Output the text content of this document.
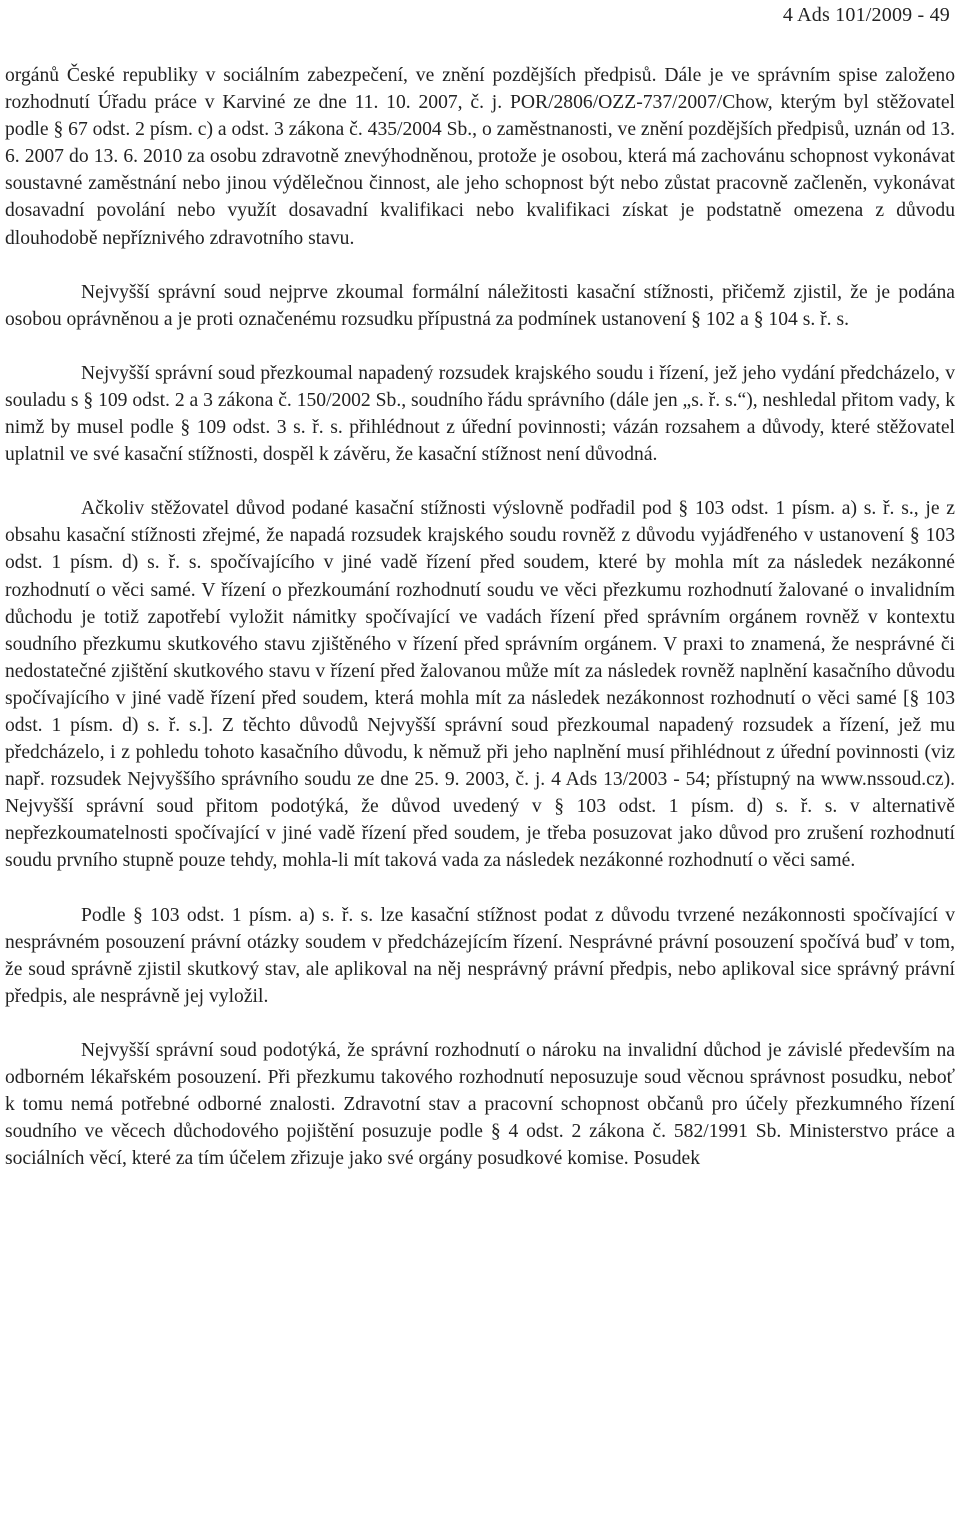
4 Ads 101/2009 - 49

orgánů České republiky v sociálním zabezpečení, ve znění pozdějších předpisů. Dále je ve správním spise založeno rozhodnutí Úřadu práce v Karviné ze dne 11. 10. 2007, č. j. POR/2806/OZZ-737/2007/Chow, kterým byl stěžovatel podle § 67 odst. 2 písm. c) a odst. 3 zákona č. 435/2004 Sb., o zaměstnanosti, ve znění pozdějších předpisů, uznán od 13. 6. 2007 do 13. 6. 2010 za osobu zdravotně znevýhodněnou, protože je osobou, která má zachovánu schopnost vykonávat soustavné zaměstnání nebo jinou výdělečnou činnost, ale jeho schopnost být nebo zůstat pracovně začleněn, vykonávat dosavadní povolání nebo využít dosavadní kvalifikaci nebo kvalifikaci získat je podstatně omezena z důvodu dlouhodobě nepříznivého zdravotního stavu.

Nejvyšší správní soud nejprve zkoumal formální náležitosti kasační stížnosti, přičemž zjistil, že je podána osobou oprávněnou a je proti označenému rozsudku přípustná za podmínek ustanovení § 102 a § 104 s. ř. s.

Nejvyšší správní soud přezkoumal napadený rozsudek krajského soudu i řízení, jež jeho vydání předcházelo, v souladu s § 109 odst. 2 a 3 zákona č. 150/2002 Sb., soudního řádu správního (dále jen „s. ř. s.“), neshledal přitom vady, k nimž by musel podle § 109 odst. 3 s. ř. s. přihlédnout z úřední povinnosti; vázán rozsahem a důvody, které stěžovatel uplatnil ve své kasační stížnosti, dospěl k závěru, že kasační stížnost není důvodná.

Ačkoliv stěžovatel důvod podané kasační stížnosti výslovně podřadil pod § 103 odst. 1 písm. a) s. ř. s., je z obsahu kasační stížnosti zřejmé, že napadá rozsudek krajského soudu rovněž z důvodu vyjádřeného v ustanovení § 103 odst. 1 písm. d) s. ř. s. spočívajícího v jiné vadě řízení před soudem, které by mohla mít za následek nezákonné rozhodnutí o věci samé. V řízení o přezkoumání rozhodnutí soudu ve věci přezkumu rozhodnutí žalované o invalidním důchodu je totiž zapotřebí vyložit námitky spočívající ve vadách řízení před správním orgánem rovněž v kontextu soudního přezkumu skutkového stavu zjištěného v řízení před správním orgánem. V praxi to znamená, že nesprávné či nedostatečné zjištění skutkového stavu v řízení před žalovanou může mít za následek rovněž naplnění kasačního důvodu spočívajícího v jiné vadě řízení před soudem, která mohla mít za následek nezákonnost rozhodnutí o věci samé [§ 103 odst. 1 písm. d) s. ř. s.]. Z těchto důvodů Nejvyšší správní soud přezkoumal napadený rozsudek a řízení, jež mu předcházelo, i z pohledu tohoto kasačního důvodu, k němuž při jeho naplnění musí přihlédnout z úřední povinnosti (viz např. rozsudek Nejvyššího správního soudu ze dne 25. 9. 2003, č. j. 4 Ads 13/2003 - 54; přístupný na www.nssoud.cz). Nejvyšší správní soud přitom podotýká, že důvod uvedený v § 103 odst. 1 písm. d) s. ř. s. v alternativě nepřezkoumatelnosti spočívající v jiné vadě řízení před soudem, je třeba posuzovat jako důvod pro zrušení rozhodnutí soudu prvního stupně pouze tehdy, mohla-li mít taková vada za následek nezákonné rozhodnutí o věci samé.

Podle § 103 odst. 1 písm. a) s. ř. s. lze kasační stížnost podat z důvodu tvrzené nezákonnosti spočívající v nesprávném posouzení právní otázky soudem v předcházejícím řízení. Nesprávné právní posouzení spočívá buď v tom, že soud správně zjistil skutkový stav, ale aplikoval na něj nesprávný právní předpis, nebo aplikoval sice správný právní předpis, ale nesprávně jej vyložil.

Nejvyšší správní soud podotýká, že správní rozhodnutí o nároku na invalidní důchod je závislé především na odborném lékařském posouzení. Při přezkumu takového rozhodnutí neposuzuje soud věcnou správnost posudku, neboť k tomu nemá potřebné odborné znalosti. Zdravotní stav a pracovní schopnost občanů pro účely přezkumného řízení soudního ve věcech důchodového pojištění posuzuje podle § 4 odst. 2 zákona č. 582/1991 Sb. Ministerstvo práce a sociálních věcí, které za tím účelem zřizuje jako své orgány posudkové komise. Posudek
